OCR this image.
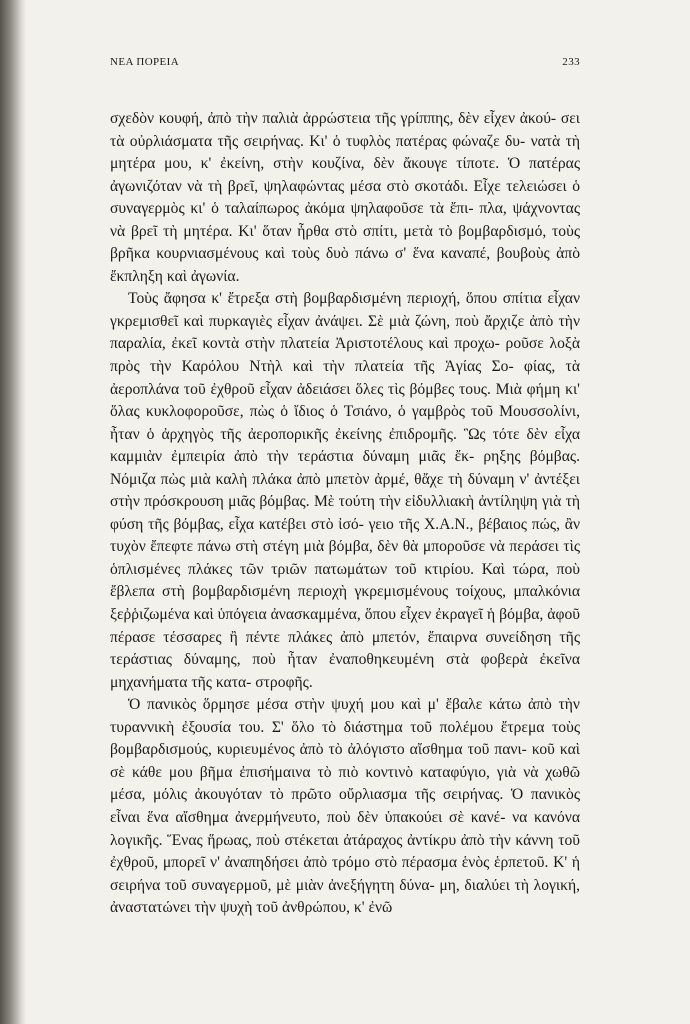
ΝΕΑ ΠΟΡΕΙΑ	233

σχεδὸν κουφή, ἀπὸ τὴν παλιὰ ἀρρώστεια τῆς γρίππης, δὲν εἶχεν ἀκού- σει τὰ οὐρλιάσματα τῆς σειρήνας. Κι' ὁ τυφλὸς πατέρας φώναζε δυ- νατὰ τὴ μητέρα μου, κ' ἐκείνη, στὴν κουζίνα, δὲν ἄκουγε τίποτε. Ὁ πατέρας ἀγωνιζόταν νὰ τὴ βρεῖ, ψηλαφώντας μέσα στὸ σκοτάδι. Εἶχε τελειώσει ὁ συναγερμὸς κι' ὁ ταλαίπωρος ἀκόμα ψηλαφοῦσε τὰ ἔπι- πλα, ψάχνοντας νὰ βρεῖ τὴ μητέρα. Κι' ὅταν ἦρθα στὸ σπίτι, μετὰ τὸ βομβαρδισμό, τοὺς βρῆκα κουρνιασμένους καὶ τοὺς δυὸ πάνω σ' ἕνα καναπέ, βουβοὺς ἀπὸ ἔκπληξη καὶ ἀγωνία.

Τοὺς ἄφησα κ' ἔτρεξα στὴ βομβαρδισμένη περιοχή, ὅπου σπίτια εἶχαν γκρεμισθεῖ καὶ πυρκαγιὲς εἶχαν ἀνάψει. Σὲ μιὰ ζώνη, ποὺ ἄρχιζε ἀπὸ τὴν παραλία, ἐκεῖ κοντὰ στὴν πλατεία Ἀριστοτέλους καὶ προχω- ροῦσε λοξὰ πρὸς τὴν Καρόλου Ντὴλ καὶ τὴν πλατεία τῆς Ἁγίας Σο- φίας, τὰ ἀεροπλάνα τοῦ ἐχθροῦ εἶχαν ἀδειάσει ὅλες τὶς βόμβες τους. Μιὰ φήμη κι' ὅλας κυκλοφοροῦσε, πὼς ὁ ἴδιος ὁ Τσιάνο, ὁ γαμβρὸς τοῦ Μουσσολίνι, ἦταν ὁ ἀρχηγὸς τῆς ἀεροπορικῆς ἐκείνης ἐπιδρομῆς. Ὣς τότε δὲν εἶχα καμμιὰν ἐμπειρία ἀπὸ τὴν τεράστια δύναμη μιᾶς ἔκ- ρηξης βόμβας. Νόμιζα πὼς μιὰ καλὴ πλάκα ἀπὸ μπετὸν ἀρμέ, θἄχε τὴ δύναμη ν' ἀντέξει στὴν πρόσκρουση μιᾶς βόμβας. Μὲ τούτη τὴν εἰδυλλιακὴ ἀντίληψη γιὰ τὴ φύση τῆς βόμβας, εἶχα κατέβει στὸ ἰσό- γειο τῆς Χ.Α.Ν., βέβαιος πώς, ἂν τυχὸν ἔπεφτε πάνω στὴ στέγη μιὰ βόμβα, δὲν θὰ μποροῦσε νὰ περάσει τὶς ὁπλισμένες πλάκες τῶν τριῶν πατωμάτων τοῦ κτιρίου. Καὶ τώρα, ποὺ ἔβλεπα στὴ βομβαρδισμένη περιοχὴ γκρεμισμένους τοίχους, μπαλκόνια ξεῤῥιζωμένα καὶ ὑπόγεια ἀνασκαμμένα, ὅπου εἶχεν ἐκραγεῖ ἡ βόμβα, ἀφοῦ πέρασε τέσσαρες ἢ πέντε πλάκες ἀπὸ μπετόν, ἔπαιρνα συνείδηση τῆς τεράστιας δύναμης, ποὺ ἦταν ἐναποθηκευμένη στὰ φοβερὰ ἐκεῖνα μηχανήματα τῆς κατα- στροφῆς.

Ὁ πανικὸς ὅρμησε μέσα στὴν ψυχή μου καὶ μ' ἔβαλε κάτω ἀπὸ τὴν τυραννικὴ ἐξουσία του. Σ' ὅλο τὸ διάστημα τοῦ πολέμου ἔτρεμα τοὺς βομβαρδισμούς, κυριευμένος ἀπὸ τὸ ἀλόγιστο αἴσθημα τοῦ πανι- κοῦ καὶ σὲ κάθε μου βῆμα ἐπισήμαινα τὸ πιὸ κοντινὸ καταφύγιο, γιὰ νὰ χωθῶ μέσα, μόλις ἀκουγόταν τὸ πρῶτο οὔρλιασμα τῆς σειρήνας. Ὁ πανικὸς εἶναι ἕνα αἴσθημα ἀνερμήνευτο, ποὺ δὲν ὑπακούει σὲ κανέ- να κανόνα λογικῆς. Ἕνας ἥρωας, ποὺ στέκεται ἀτάραχος ἀντίκρυ ἀπὸ τὴν κάννη τοῦ ἐχθροῦ, μπορεῖ ν' ἀναπηδήσει ἀπὸ τρόμο στὸ πέρασμα ἑνὸς ἑρπετοῦ. Κ' ἡ σειρήνα τοῦ συναγερμοῦ, μὲ μιὰν ἀνεξήγητη δύνα- μη, διαλύει τὴ λογική, ἀναστατώνει τὴν ψυχὴ τοῦ ἀνθρώπου, κ' ἐνῶ
